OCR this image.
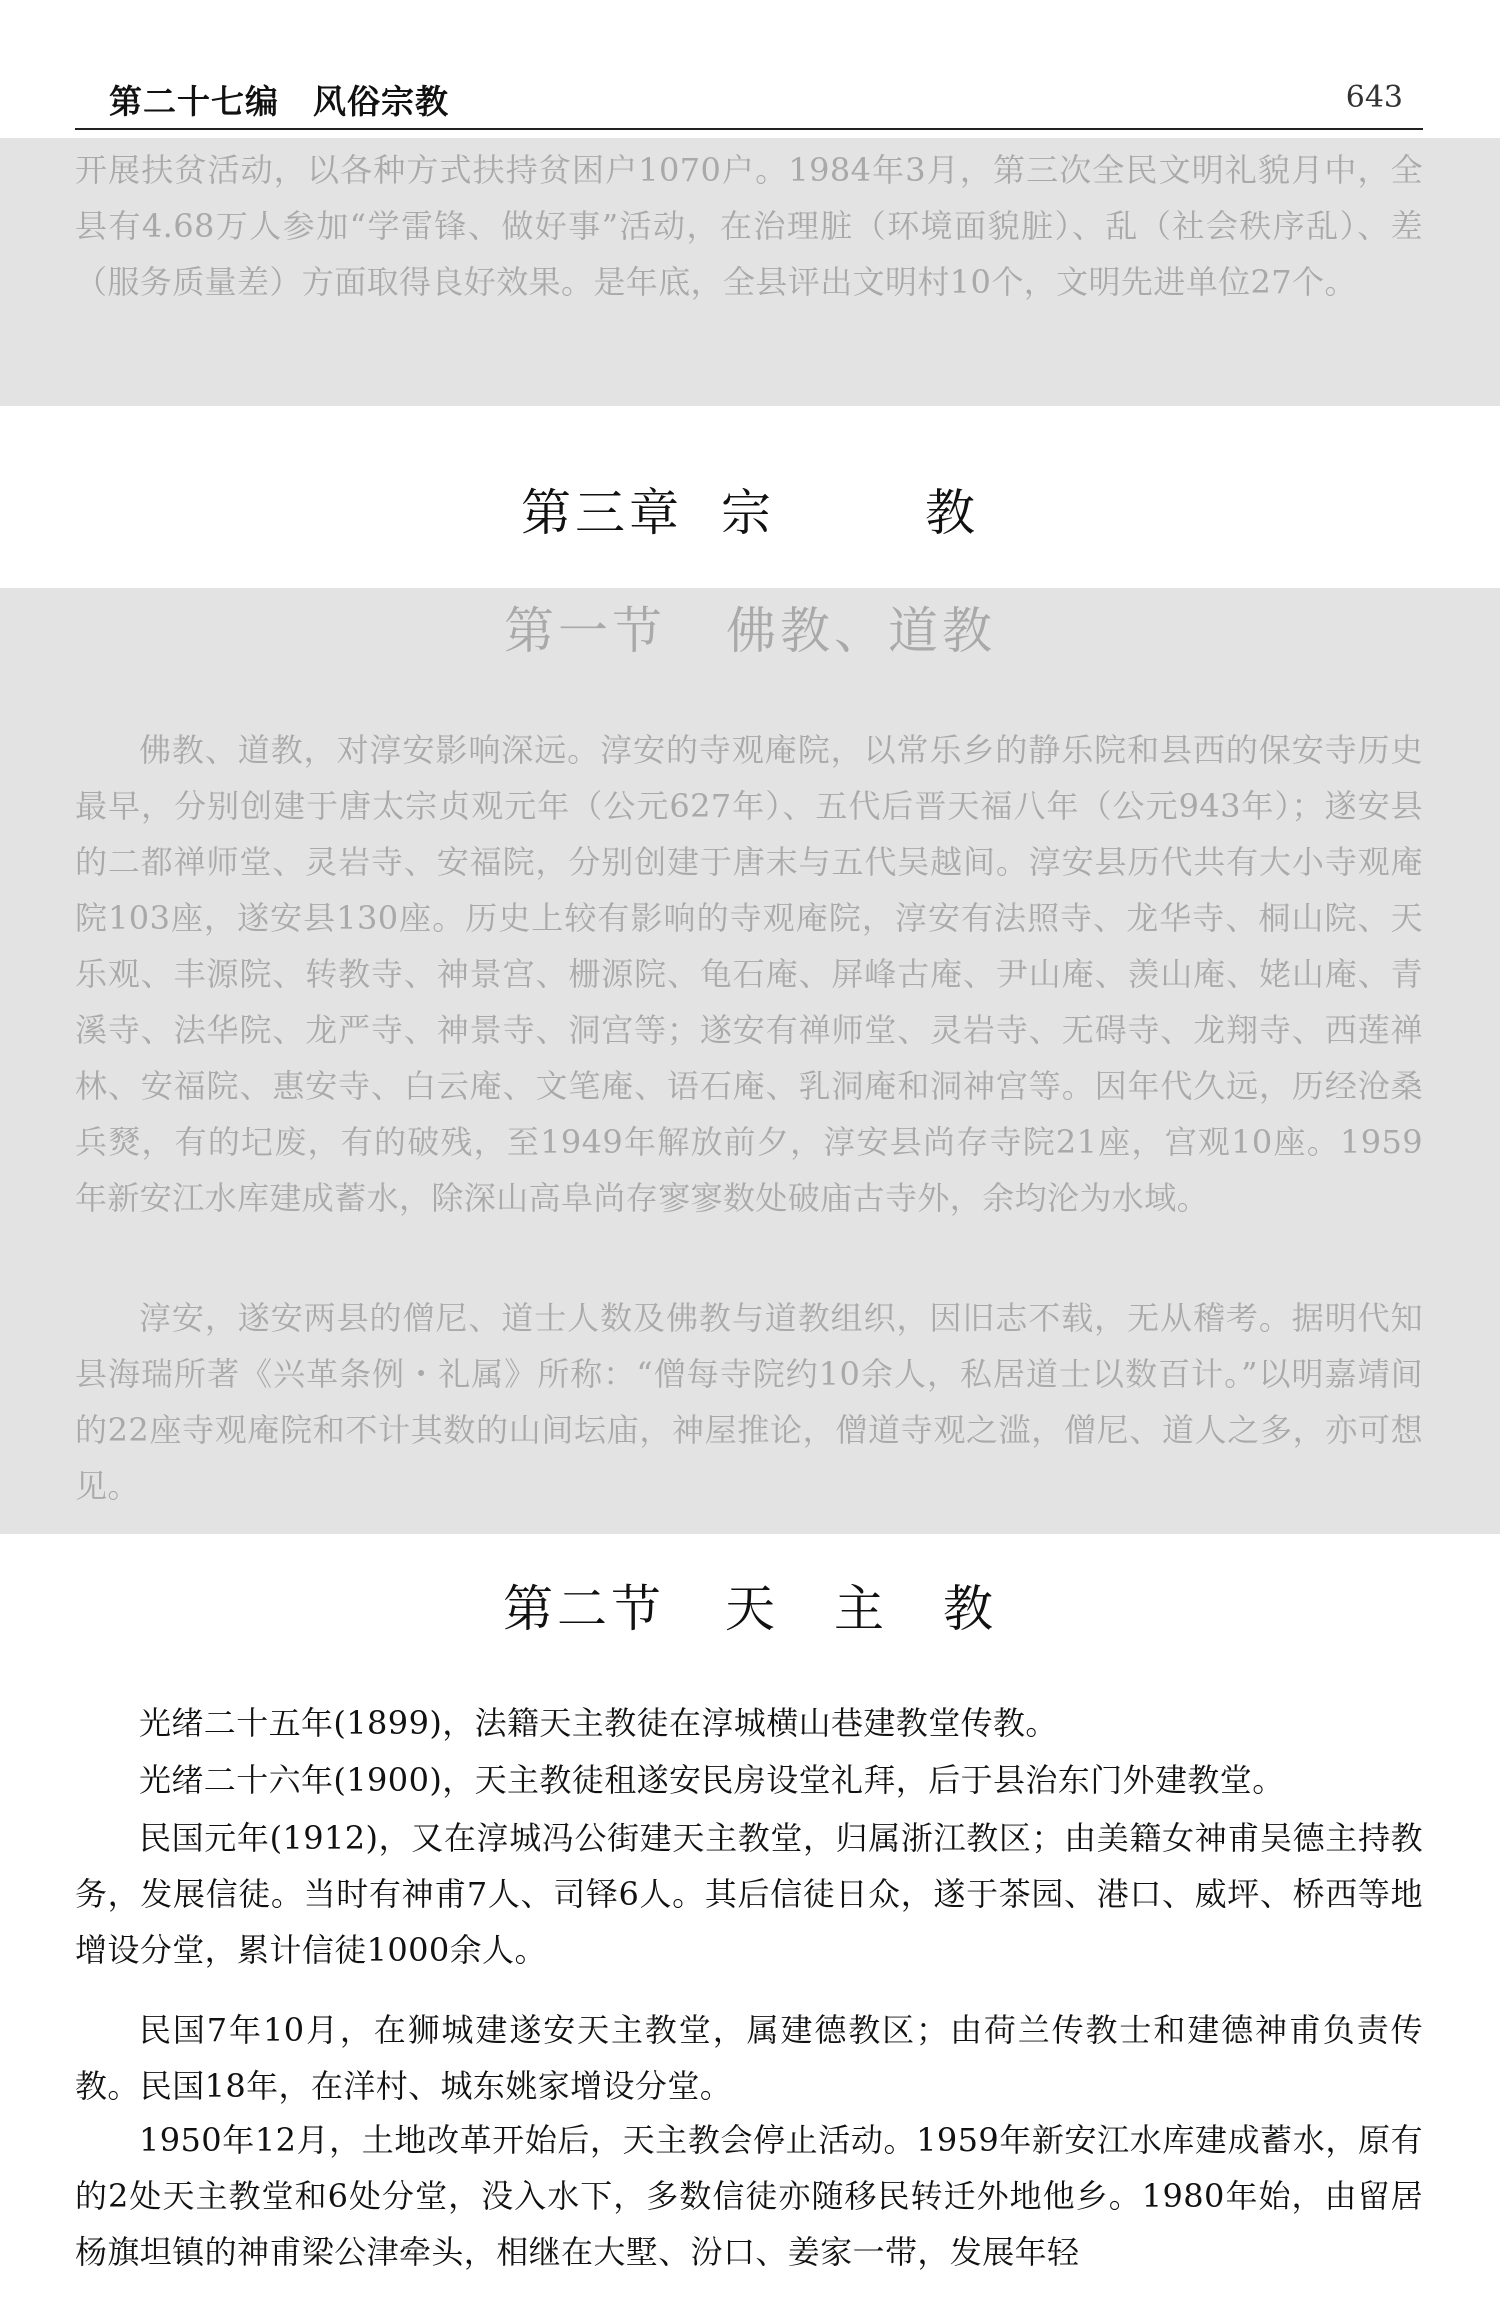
第二十七编　风俗宗教	643

开展扶贫活动，以各种方式扶持贫困户1070户。1984年3月，第三次全民文明礼貌月中，全县有4.68万人参加“学雷锋、做好事”活动，在治理脏（环境面貌脏）、乱（社会秩序乱）、差（服务质量差）方面取得良好效果。是年底，全县评出文明村10个，文明先进单位27个。

第三章 宗	教
第一节 佛教、道教

佛教、道教，对淳安影响深远。淳安的寺观庵院，以常乐乡的静乐院和县西的保安寺历史最早，分别创建于唐太宗贞观元年（公元627年）、五代后晋天福八年（公元943年）；遂安县的二都禅师堂、灵岩寺、安福院，分别创建于唐末与五代吴越间。淳安县历代共有大小寺观庵院103座，遂安县130座。历史上较有影响的寺观庵院，淳安有法照寺、龙华寺、桐山院、天乐观、丰源院、转教寺、神景宫、栅源院、龟石庵、屏峰古庵、尹山庵、羡山庵、姥山庵、青溪寺、法华院、龙严寺、神景寺、洞宫等；遂安有禅师堂、灵岩寺、无碍寺、龙翔寺、西莲禅林、安福院、惠安寺、白云庵、文笔庵、语石庵、乳洞庵和洞神宫等。因年代久远，历经沧桑兵燹，有的圮废，有的破残，至1949年解放前夕，淳安县尚存寺院21座，宫观10座。1959年新安江水库建成蓄水，除深山高阜尚存寥寥数处破庙古寺外，余均沦为水域。

淳安，遂安两县的僧尼、道士人数及佛教与道教组织，因旧志不载，无从稽考。据明代知县海瑞所著《兴革条例・礼属》所称：“僧每寺院约10余人，私居道士以数百计。”以明嘉靖间的22座寺观庵院和不计其数的山间坛庙，神屋推论，僧道寺观之滥，僧尼、道人之多，亦可想见。

第二节 天 主 教

光绪二十五年(1899)，法籍天主教徒在淳城横山巷建教堂传教。

光绪二十六年(1900)，天主教徒租遂安民房设堂礼拜，后于县治东门外建教堂。

民国元年(1912)，又在淳城冯公街建天主教堂，归属浙江教区；由美籍女神甫吴德主持教务，发展信徒。当时有神甫7人、司铎6人。其后信徒日众，遂于茶园、港口、威坪、桥西等地增设分堂，累计信徒1000余人。

民国7年10月，在狮城建遂安天主教堂，属建德教区；由荷兰传教士和建德神甫负责传教。民国18年，在洋村、城东姚家增设分堂。

1950年12月，土地改革开始后，天主教会停止活动。1959年新安江水库建成蓄水，原有的2处天主教堂和6处分堂，没入水下，多数信徒亦随移民转迁外地他乡。1980年始，由留居杨旗坦镇的神甫梁公津牵头，相继在大墅、汾口、姜家一带，发展年轻
